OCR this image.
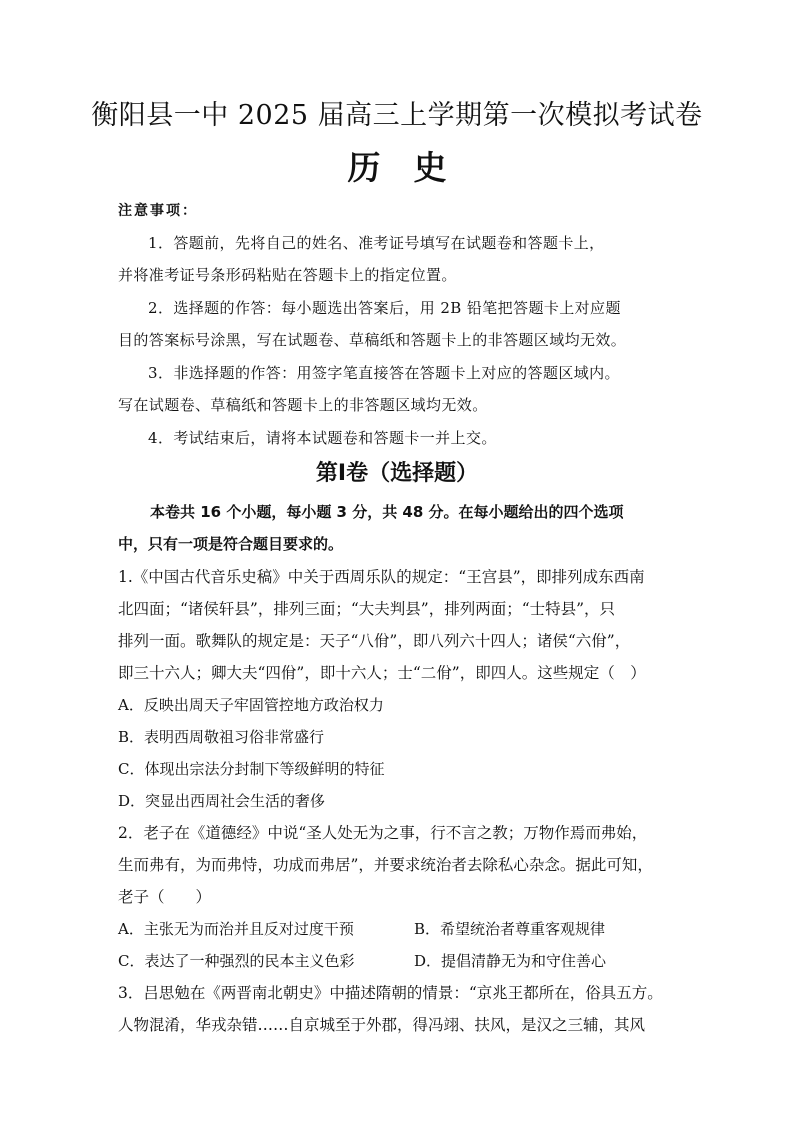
衡阳县一中 2025 届高三上学期第一次模拟考试卷
历　史
注意事项：
1．答题前，先将自己的姓名、准考证号填写在试题卷和答题卡上，
并将准考证号条形码粘贴在答题卡上的指定位置。
2．选择题的作答：每小题选出答案后，用 2B 铅笔把答题卡上对应题
目的答案标号涂黑，写在试题卷、草稿纸和答题卡上的非答题区域均无效。
3．非选择题的作答：用签字笔直接答在答题卡上对应的答题区域内。
写在试题卷、草稿纸和答题卡上的非答题区域均无效。
4．考试结束后，请将本试题卷和答题卡一并上交。
第Ⅰ卷（选择题）
本卷共 16 个小题，每小题 3 分，共 48 分。在每小题给出的四个选项
中，只有一项是符合题目要求的。
1.《中国古代音乐史稿》中关于西周乐队的规定：“王宫县”，即排列成东西南
北四面；“诸侯轩县”，排列三面；“大夫判县”，排列两面；“士特县”，只
排列一面。歌舞队的规定是：天子“八佾”，即八列六十四人；诸侯“六佾”，
即三十六人；卿大夫“四佾”，即十六人；士“二佾”，即四人。这些规定（　）
A．反映出周天子牢固管控地方政治权力
B．表明西周敬祖习俗非常盛行
C．体现出宗法分封制下等级鲜明的特征
D．突显出西周社会生活的奢侈
2．老子在《道德经》中说“圣人处无为之事，行不言之教；万物作焉而弗始，
生而弗有，为而弗恃，功成而弗居”，并要求统治者去除私心杂念。据此可知，
老子（　　）
A．主张无为而治并且反对过度干预	B．希望统治者尊重客观规律
C．表达了一种强烈的民本主义色彩	D．提倡清静无为和守住善心
3．吕思勉在《两晋南北朝史》中描述隋朝的情景：“京兆王都所在，俗具五方。
人物混淆，华戎杂错……自京城至于外郡，得冯翊、扶风，是汉之三辅，其风
